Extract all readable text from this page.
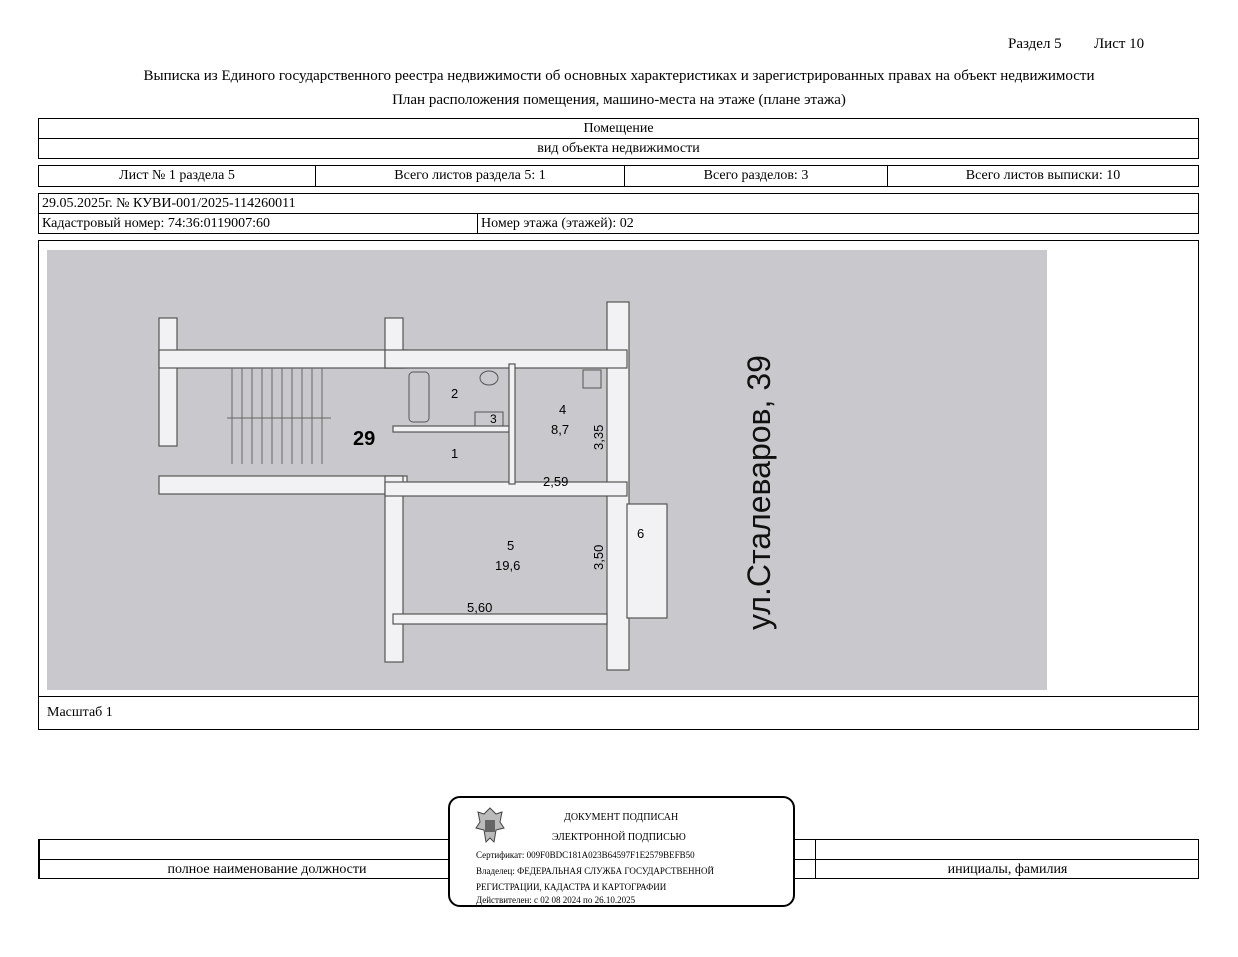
Раздел 5 Лист 10
Выписка из Единого государственного реестра недвижимости об основных характеристиках и зарегистрированных правах на объект недвижимости
План расположения помещения, машино-места на этаже (плане этажа)
Помещение
вид объекта недвижимости
Лист № 1 раздела 5	Всего листов раздела 5: 1	Всего разделов: 3	Всего листов выписки: 10
29.05.2025г. № КУВИ-001/2025-114260011
Кадастровый номер: 74:36:0119007:60	Номер этажа (этажей): 02
29
1
2
3
4
8,7
5
19,6
6
2,59
5,60
3,35
3,50	ул.Сталеваров, 39
Масштаб 1
полное наименование должности	инициалы, фамилия
ДОКУМЕНТ ПОДПИСАН
ЭЛЕКТРОННОЙ ПОДПИСЬЮ
Сертификат: 009F0BDC181A023B64597F1E2579BEFB50
Владелец: ФЕДЕРАЛЬНАЯ СЛУЖБА ГОСУДАРСТВЕННОЙ
РЕГИСТРАЦИИ, КАДАСТРА И КАРТОГРАФИИ
Действителен: с 02 08 2024 по 26.10.2025
